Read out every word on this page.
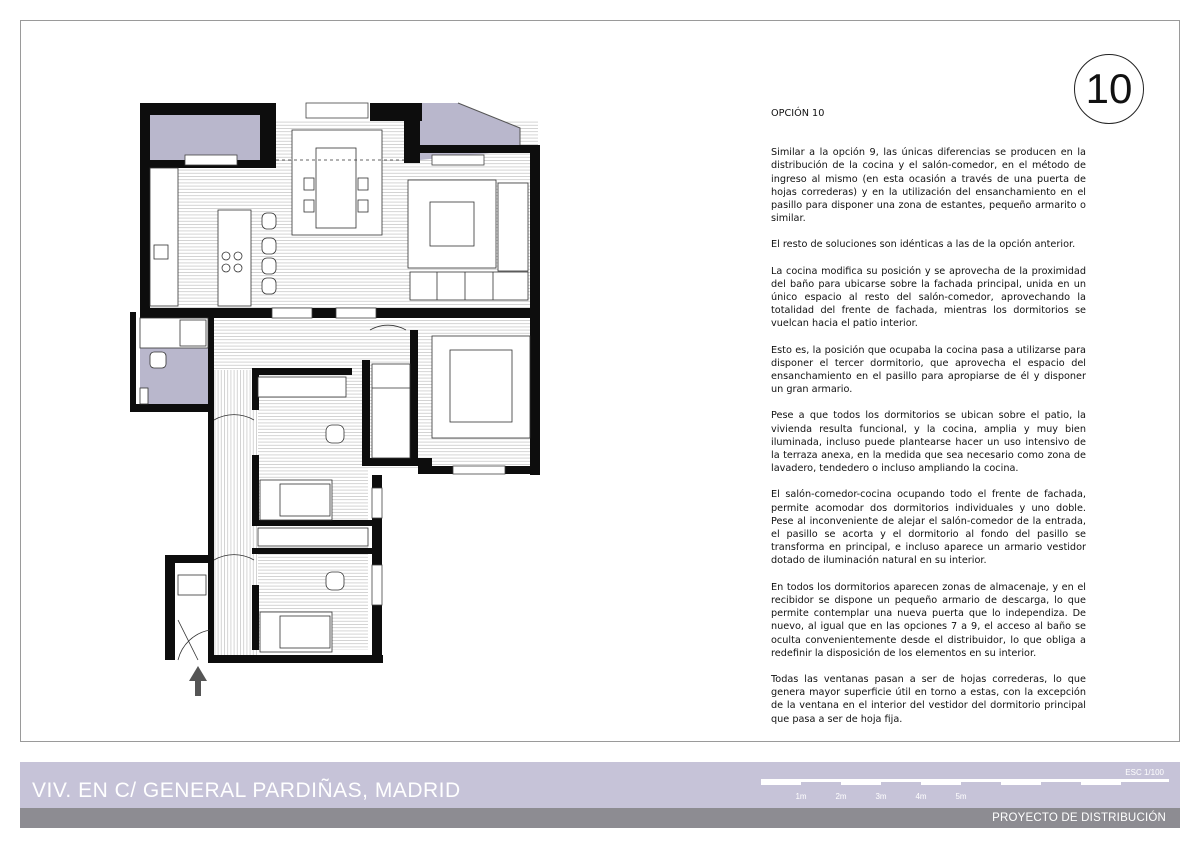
10
OPCIÓN 10

Similar a la opción 9, las únicas diferencias se producen en la distribución de la cocina y el salón-comedor, en el método de ingreso al mismo (en esta ocasión a través de una puerta de hojas correderas) y en la utilización del ensanchamiento en el pasillo para disponer una zona de estantes, pequeño armarito o similar.

El resto de soluciones son idénticas a las de la opción anterior.

La cocina modifica su posición y se aprovecha de la proximidad del baño para ubicarse sobre la fachada principal, unida en un único espacio al resto del salón-comedor, aprovechando la totalidad del frente de fachada, mientras los dormitorios se vuelcan hacia el patio interior.

Esto es, la posición que ocupaba la cocina pasa a utilizarse para disponer el tercer dormitorio, que aprovecha el espacio del ensanchamiento en el pasillo para apropiarse de él y disponer un gran armario.

Pese a que todos los dormitorios se ubican sobre el patio, la vivienda resulta funcional, y la cocina, amplia y muy bien iluminada, incluso puede plantearse hacer un uso intensivo de la terraza anexa, en la medida que sea necesario como zona de lavadero, tendedero o incluso ampliando la cocina.

El salón-comedor-cocina ocupando todo el frente de fachada, permite acomodar dos dormitorios individuales y uno doble. Pese al inconveniente de alejar el salón-comedor de la entrada, el pasillo se acorta y el dormitorio al fondo del pasillo se transforma en principal, e incluso aparece un armario vestidor dotado de iluminación natural en su interior.

En todos los dormitorios aparecen zonas de almacenaje, y en el recibidor se dispone un pequeño armario de descarga, lo que permite contemplar una nueva puerta que lo independiza. De nuevo, al igual que en las opciones 7 a 9, el acceso al baño se oculta convenientemente desde el distribuidor, lo que obliga a redefinir la disposición de los elementos en su interior.

Todas las ventanas pasan a ser de hojas correderas, lo que genera mayor superficie útil en torno a estas, con la excepción de la ventana en el interior del vestidor del dormitorio principal que pasa a ser de hoja fija.

VIV. EN C/ GENERAL PARDIÑAS, MADRID
ESC 1/100
1m	2m	3m	4m	5m
PROYECTO DE DISTRIBUCIÓN
